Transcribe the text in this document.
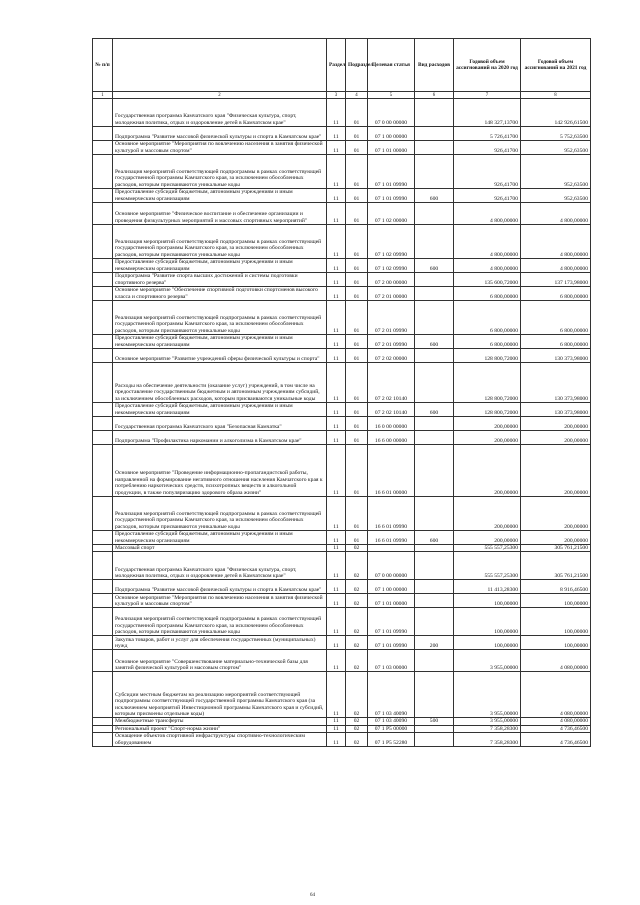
№ п/п		Раздел	Подраздел	Целевая статья	Вид расходов	Годовой объем ассигнований на 2020 год	Годовой объем ассигнований на 2021 год
1	2	3	4	5	6	7	8
	Государственная программа Камчатского края "Физическая культура, спорт, молодежная политика, отдых и оздоровление детей в Камчатском крае"	11	01	07 0 00 00000		148 327,13700	142 926,61500
	Подпрограмма "Развитие массовой физической культуры и спорта в Камчатском крае"	11	01	07 1 00 00000		5 726,41700	5 752,63500
	Основное мероприятие "Мероприятия по вовлечению населения в занятия физической культурой и массовым спортом"	11	01	07 1 01 00000		926,41700	952,63500
	Реализация мероприятий соответствующей подпрограммы в рамках соответствующей государственной программы Камчатского края, за исключением обособленных расходов, которым присваиваются уникальные коды	11	01	07 1 01 09990		926,41700	952,63500
	Предоставление субсидий бюджетным, автономным учреждениям и иным некоммерческим организациям	11	01	07 1 01 09990	600	926,41700	952,63500
	Основное мероприятие "Физическое воспитание и обеспечение организации и проведения физкультурных мероприятий и массовых спортивных мероприятий"	11	01	07 1 02 00000		4 800,00000	4 800,00000
	Реализация мероприятий соответствующей подпрограммы в рамках соответствующей государственной программы Камчатского края, за исключением обособленных расходов, которым присваиваются уникальные коды	11	01	07 1 02 09990		4 800,00000	4 800,00000
	Предоставление субсидий бюджетным, автономным учреждениям и иным некоммерческим организациям	11	01	07 1 02 09990	600	4 800,00000	4 800,00000
	Подпрограмма "Развитие спорта высших достижений и системы подготовки спортивного резерва"	11	01	07 2 00 00000		135 600,72000	137 173,98000
	Основное мероприятие "Обеспечение спортивной подготовки спортсменов высокого класса и спортивного резерва"	11	01	07 2 01 00000		6 800,00000	6 800,00000
	Реализация мероприятий соответствующей подпрограммы в рамках соответствующей государственной программы Камчатского края, за исключением обособленных расходов, которым присваиваются уникальные коды	11	01	07 2 01 09990		6 800,00000	6 800,00000
	Предоставление субсидий бюджетным, автономным учреждениям и иным некоммерческим организациям	11	01	07 2 01 09990	600	6 800,00000	6 800,00000
	Основное мероприятие "Развитие учреждений сферы физической культуры и спорта"	11	01	07 2 02 00000		128 800,72000	130 373,98000
	Расходы на обеспечение деятельности (оказание услуг) учреждений, в том числе на предоставление государственным бюджетным и автономным учреждениям субсидий, за исключением обособленных расходов, которым присваиваются уникальные коды	11	01	07 2 02 10140		128 800,72000	130 373,98000
	Предоставление субсидий бюджетным, автономным учреждениям и иным некоммерческим организациям	11	01	07 2 02 10140	600	128 800,72000	130 373,98000
	Государственная программа Камчатского края "Безопасная Камчатка"	11	01	16 0 00 00000		200,00000	200,00000
	Подпрограмма "Профилактика наркомании и алкоголизма в Камчатском крае"	11	01	16 6 00 00000		200,00000	200,00000
	Основное мероприятие "Проведение информационно-пропагандистской работы, направленной на формирование негативного отношения населения Камчатского края к потреблению наркотических средств, психотропных веществ и алкогольной продукции, в также популяризацию здорового образа жизни"	11	01	16 6 01 00000		200,00000	200,00000
	Реализация мероприятий соответствующей подпрограммы в рамках соответствующей государственной программы Камчатского края, за исключением обособленных расходов, которым присваиваются уникальные коды	11	01	16 6 01 09990		200,00000	200,00000
	Предоставление субсидий бюджетным, автономным учреждениям и иным некоммерческим организациям	11	01	16 6 01 09990	600	200,00000	200,00000
	Массовый спорт	11	02			555 557,25300	305 761,21500
	Государственная программа Камчатского края "Физическая культура, спорт, молодежная политика, отдых и оздоровление детей в Камчатском крае"	11	02	07 0 00 00000		555 557,25300	305 761,21500
	Подпрограмма "Развитие массовой физической культуры и спорта в Камчатском крае"	11	02	07 1 00 00000		11 413,28300	8 916,46500
	Основное мероприятие "Мероприятия по вовлечению населения в занятия физической культурой и массовым спортом"	11	02	07 1 01 00000		100,00000	100,00000
	Реализация мероприятий соответствующей подпрограммы в рамках соответствующей государственной программы Камчатского края, за исключением обособленных расходов, которым присваиваются уникальные коды	11	02	07 1 01 09990		100,00000	100,00000
	Закупка товаров, работ и услуг для обеспечения государственных (муниципальных) нужд	11	02	07 1 01 09990	200	100,00000	100,00000
	Основное мероприятие "Совершенствование материально-технической базы для занятий физической культурой и массовым спортом"	11	02	07 1 03 00000		3 955,00000	4 080,00000
	Субсидии местным бюджетам на реализацию мероприятий соответствующей подпрограммы соответствующей государственной программы Камчатского края (за исключением мероприятий Инвестиционной программы Камчатского края и субсидий, которым присвоены отдельные коды)	11	02	07 1 03 40090		3 955,00000	4 080,00000
	Межбюджетные трансферты	11	02	07 1 03 40090	500	3 955,00000	4 080,00000
	Региональный проект "Спорт-норма жизни"	11	02	07 1 P5 00000		7 358,28300	4 736,46500
	Оснащение объектов спортивной инфраструктуры спортивно-технологическим оборудованием	11	02	07 1 P5 52280		7 358,28300	4 736,46500
64
